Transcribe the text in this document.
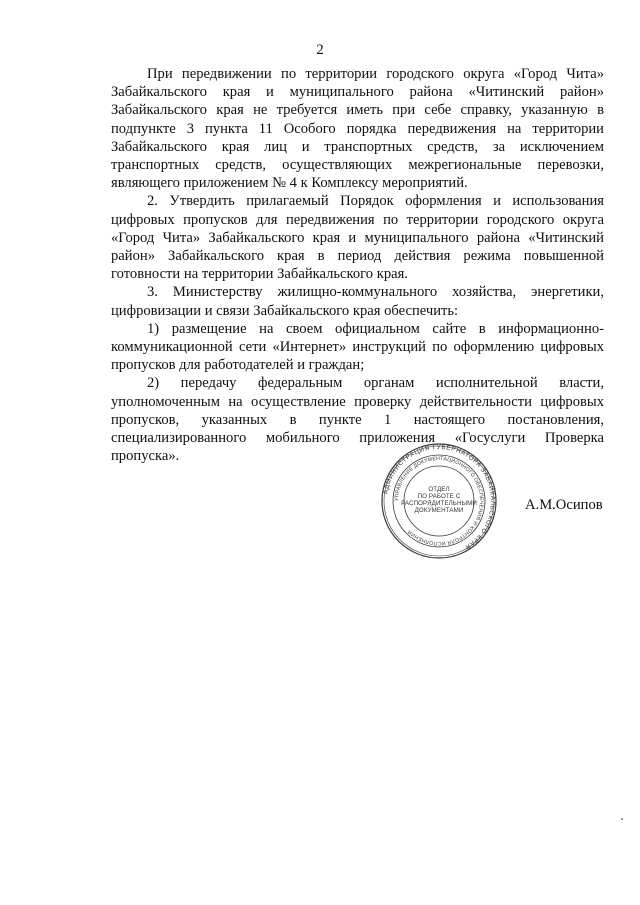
2

При передвижении по территории городского округа «Город Чита» Забайкальского края и муниципального района «Читинский район» Забайкальского края не требуется иметь при себе справку, указанную в подпункте 3 пункта 11 Особого порядка передвижения на территории Забайкальского края лиц и транспортных средств, за исключением транспортных средств, осуществляющих межрегиональные перевозки, являющего приложением № 4 к Комплексу мероприятий.

2. Утвердить прилагаемый Порядок оформления и использования цифровых пропусков для передвижения по территории городского округа «Город Чита» Забайкальского края и муниципального района «Читинский район» Забайкальского края в период действия режима повышенной готовности на территории Забайкальского края.

3. Министерству жилищно-коммунального хозяйства, энергетики, цифровизации и связи Забайкальского края обеспечить:

1) размещение на своем официальном сайте в информационно-коммуникационной сети «Интернет» инструкций по оформлению цифровых пропусков для работодателей и граждан;

2) передачу федеральным органам исполнительной власти, уполномоченным на осуществление проверку действительности цифровых пропусков, указанных в пункте 1 настоящего постановления, специализированного мобильного приложения «Госуслуги Проверка пропуска».

АДМИНИСТРАЦИЯ ГУБЕРНАТОРА ЗАБАЙКАЛЬСКОГО КРАЯ
УПРАВЛЕНИЕ ДОКУМЕНТАЦИОННОГО ОБЕСПЕЧЕНИЯ И КОНТРОЛЯ ИСПОЛНЕНИЯ
ОТДЕЛ
ПО РАБОТЕ С
РАСПОРЯДИТЕЛЬНЫМИ
ДОКУМЕНТАМИ	А.М.Осипов
